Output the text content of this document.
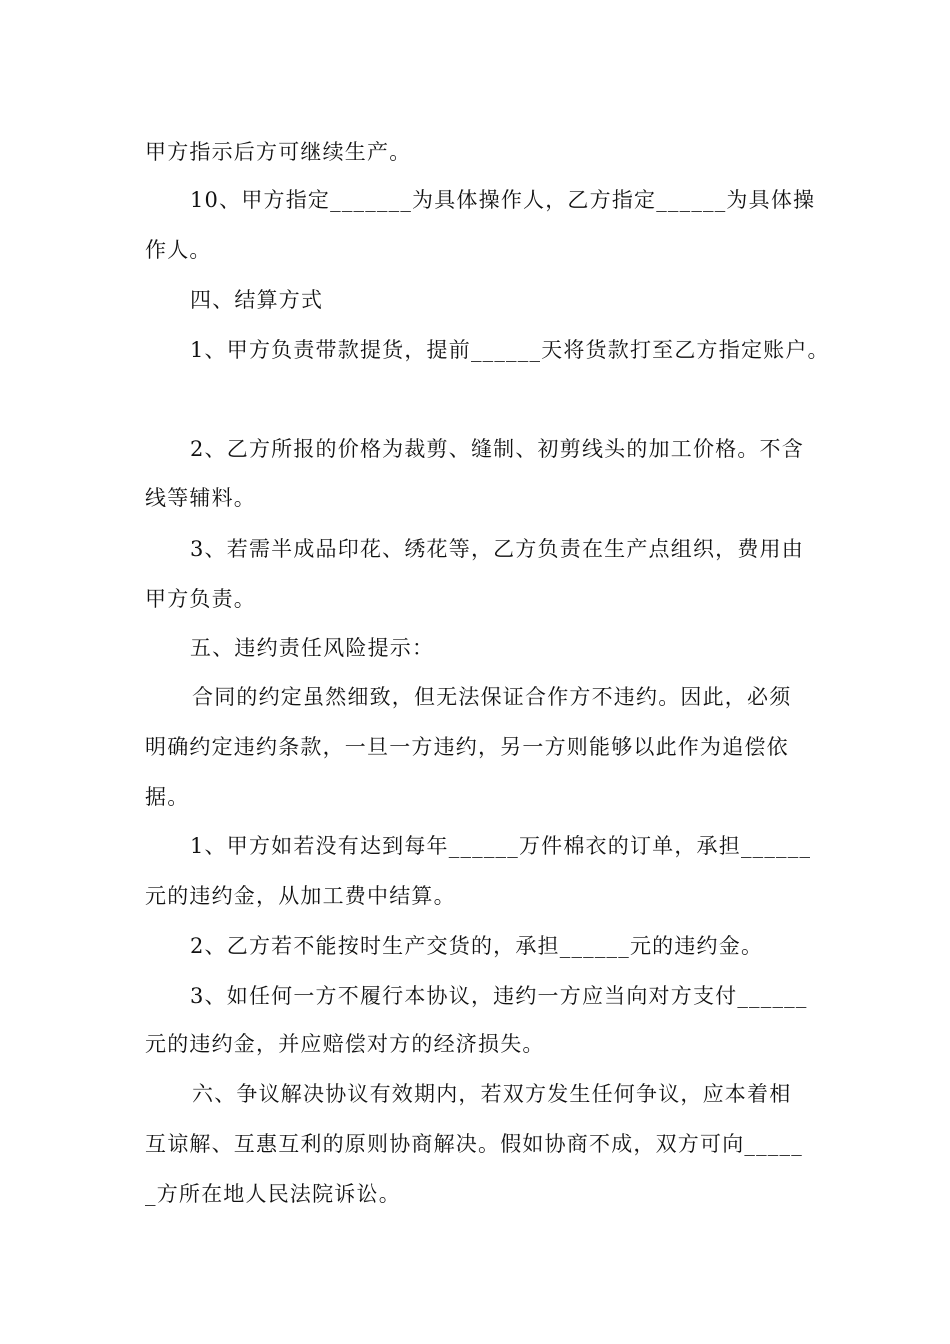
甲方指示后方可继续生产。
10、甲方指定_______为具体操作人，乙方指定______为具体操
作人。
四、结算方式
1、甲方负责带款提货，提前______天将货款打至乙方指定账户。
2、乙方所报的价格为裁剪、缝制、初剪线头的加工价格。不含
线等辅料。
3、若需半成品印花、绣花等，乙方负责在生产点组织，费用由
甲方负责。
五、违约责任风险提示：
合同的约定虽然细致，但无法保证合作方不违约。因此，必须
明确约定违约条款，一旦一方违约，另一方则能够以此作为追偿依
据。
1、甲方如若没有达到每年______万件棉衣的订单，承担______
元的违约金，从加工费中结算。
2、乙方若不能按时生产交货的，承担______元的违约金。
3、如任何一方不履行本协议，违约一方应当向对方支付______
元的违约金，并应赔偿对方的经济损失。
六、争议解决协议有效期内，若双方发生任何争议，应本着相
互谅解、互惠互利的原则协商解决。假如协商不成，双方可向_____
_方所在地人民法院诉讼。
